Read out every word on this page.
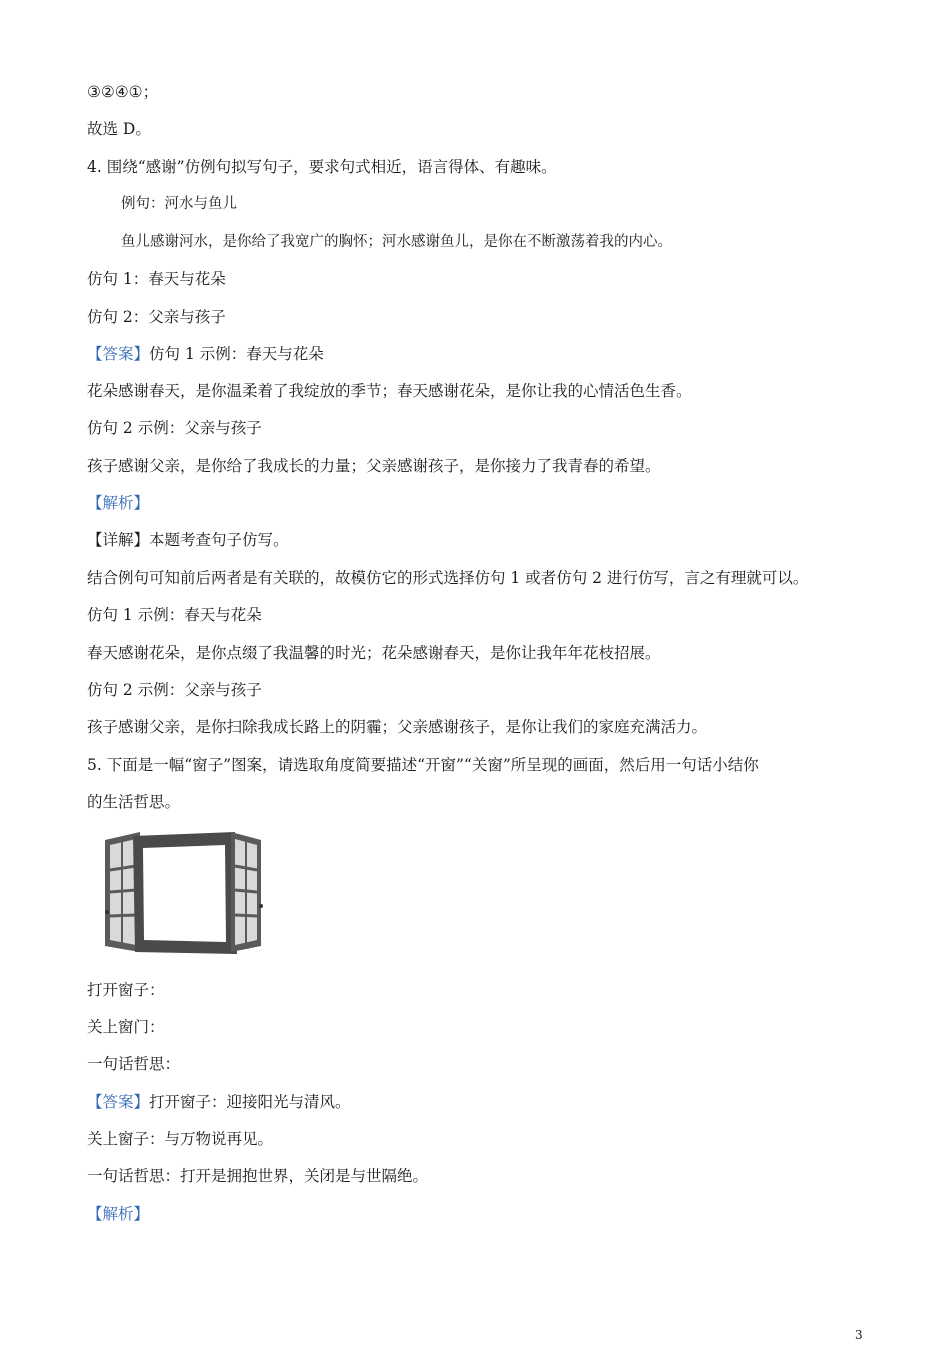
③②④①；
故选 D。
4. 围绕“感谢”仿例句拟写句子，要求句式相近，语言得体、有趣味。
例句：河水与鱼儿
鱼儿感谢河水，是你给了我宽广的胸怀；河水感谢鱼儿，是你在不断激荡着我的内心。
仿句 1：春天与花朵
仿句 2：父亲与孩子
【答案】仿句 1 示例：春天与花朵
花朵感谢春天，是你温柔着了我绽放的季节；春天感谢花朵，是你让我的心情活色生香。
仿句 2 示例：父亲与孩子
孩子感谢父亲，是你给了我成长的力量；父亲感谢孩子，是你接力了我青春的希望。
【解析】
【详解】本题考查句子仿写。
结合例句可知前后两者是有关联的，故模仿它的形式选择仿句 1 或者仿句 2 进行仿写，言之有理就可以。
仿句 1 示例：春天与花朵
春天感谢花朵，是你点缀了我温馨的时光；花朵感谢春天，是你让我年年花枝招展。
仿句 2 示例：父亲与孩子
孩子感谢父亲，是你扫除我成长路上的阴霾；父亲感谢孩子，是你让我们的家庭充满活力。
5. 下面是一幅“窗子”图案，请选取角度简要描述“开窗”“关窗”所呈现的画面，然后用一句话小结你
的生活哲思。
打开窗子：
关上窗门：
一句话哲思：
【答案】打开窗子：迎接阳光与清风。
关上窗子：与万物说再见。
一句话哲思：打开是拥抱世界，关闭是与世隔绝。
【解析】
3
